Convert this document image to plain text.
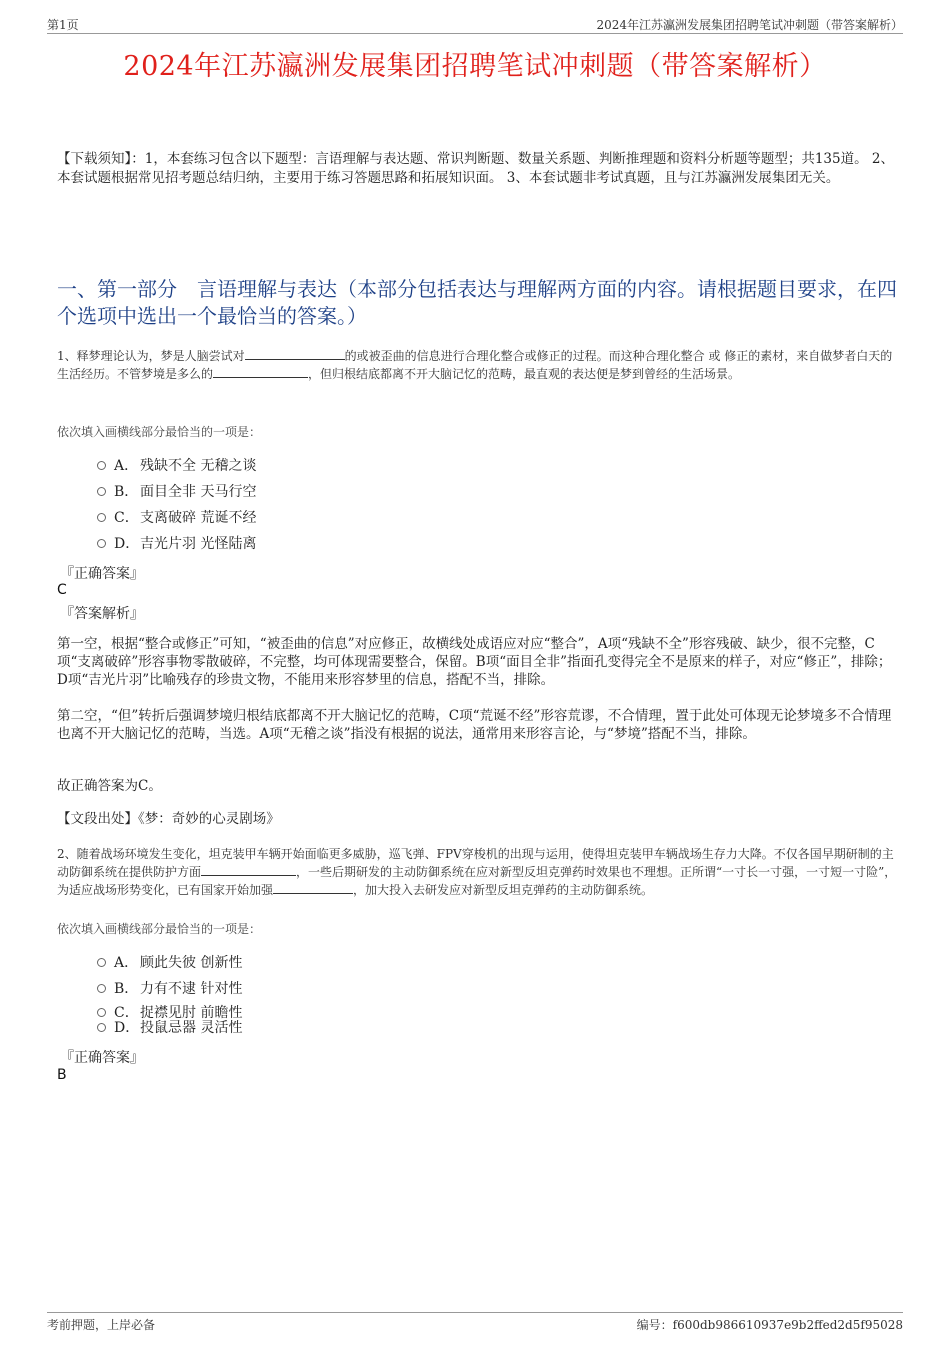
第1页	2024年江苏瀛洲发展集团招聘笔试冲刺题（带答案解析）
2024年江苏瀛洲发展集团招聘笔试冲刺题（带答案解析）
【下载须知】：1，本套练习包含以下题型：言语理解与表达题、常识判断题、数量关系题、判断推理题和资料分析题等题型；共135道。 2、本套试题根据常见招考题总结归纳，主要用于练习答题思路和拓展知识面。 3、本套试题非考试真题，且与江苏瀛洲发展集团无关。
一、第一部分　言语理解与表达（本部分包括表达与理解两方面的内容。请根据题目要求，在四个选项中选出一个最恰当的答案。）
1、释梦理论认为，梦是人脑尝试对	的或被歪曲的信息进行合理化整合或修正的过程。而这种合理化整合 或 修正的素材，来自做梦者白天的生活经历。不管梦境是多么的	，但归根结底都离不开大脑记忆的范畴，最直观的表达便是梦到曾经的生活场景。
依次填入画横线部分最恰当的一项是：
A． 残缺不全 无稽之谈
B． 面目全非 天马行空
C．支离破碎 荒诞不经
D．吉光片羽 光怪陆离
『正确答案』
C
『答案解析』
第一空，根据“整合或修正”可知，“被歪曲的信息”对应修正，故横线处成语应对应“整合”，A项“残缺不全”形容残破、缺少，很不完整，C项“支离破碎”形容事物零散破碎，不完整，均可体现需要整合，保留。B项“面目全非”指面孔变得完全不是原来的样子，对应“修正”，排除；D项“吉光片羽”比喻残存的珍贵文物，不能用来形容梦里的信息，搭配不当，排除。
第二空，“但”转折后强调梦境归根结底都离不开大脑记忆的范畴，C项“荒诞不经”形容荒谬，不合情理，置于此处可体现无论梦境多不合情理也离不开大脑记忆的范畴，当选。A项“无稽之谈”指没有根据的说法，通常用来形容言论，与“梦境”搭配不当，排除。
故正确答案为C。
【文段出处】《梦：奇妙的心灵剧场》
2、随着战场环境发生变化，坦克装甲车辆开始面临更多威胁，巡飞弹、FPV穿梭机的出现与运用，使得坦克装甲车辆战场生存力大降。不仅各国早期研制的主动防御系统在提供防护方面	，一些后期研发的主动防御系统在应对新型反坦克弹药时效果也不理想。正所谓“一寸长一寸强，一寸短一寸险”，为适应战场形势变化，已有国家开始加强	，加大投入去研发应对新型反坦克弹药的主动防御系统。
依次填入画横线部分最恰当的一项是：
A． 顾此失彼 创新性
B． 力有不逮 针对性
C．捉襟见肘 前瞻性
D．投鼠忌器 灵活性
『正确答案』
B
考前押题，上岸必备	编号：f600db986610937e9b2ffed2d5f95028
